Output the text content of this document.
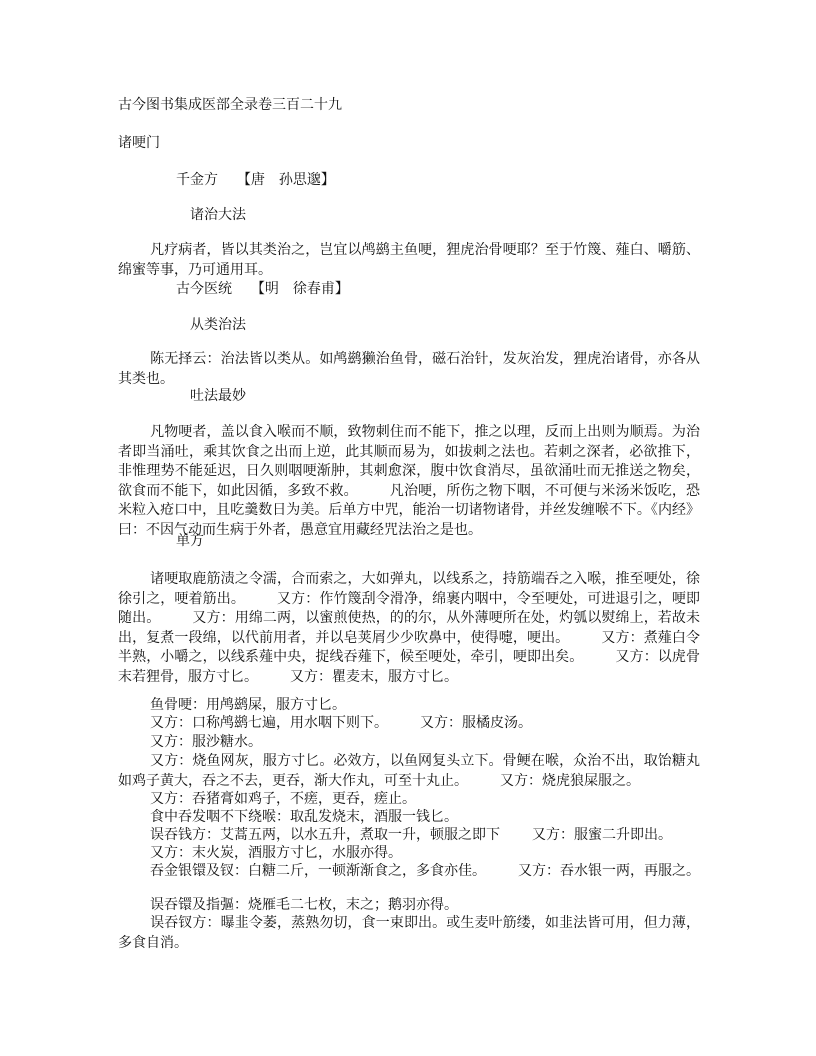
古今图书集成医部全录卷三百二十九
诸哽门
千金方 【唐　孙思邈】
诸治大法
凡疗病者，皆以其类治之，岂宜以鸬鹚主鱼哽，狸虎治骨哽耶？至于竹篾、薤白、嚼筋、绵蜜等事，乃可通用耳。
古今医统 【明　徐春甫】
从类治法
陈无择云：治法皆以类从。如鸬鹚獭治鱼骨，磁石治针，发灰治发，狸虎治诸骨，亦各从其类也。
吐法最妙
凡物哽者，盖以食入喉而不顺，致物刺住而不能下，推之以理，反而上出则为顺焉。为治者即当涌吐，乘其饮食之出而上逆，此其顺而易为，如拔刺之法也。若刺之深者，必欲推下，非惟理势不能延迟，日久则咽哽渐肿，其刺愈深，腹中饮食消尽，虽欲涌吐而无推送之物矣，欲食而不能下，如此因循，多致不救。 凡治哽，所伤之物下咽，不可便与米汤米饭吃，恐米粒入疮口中，且吃羹数日为美。后单方中咒，能治一切诸物诸骨，并丝发缠喉不下。《内经》曰：不因气动而生病于外者，愚意宜用藏经咒法治之是也。
单方
诸哽取鹿筋渍之令濡，合而索之，大如弹丸，以线系之，持筋端吞之入喉，推至哽处，徐徐引之，哽着筋出。 又方：作竹篾刮令滑净，绵裹内咽中，令至哽处，可进退引之，哽即随出。 又方：用绵二两，以蜜煎使热，的的尔，从外薄哽所在处，灼瓠以熨绵上，若故未出，复煮一段绵，以代前用者，并以皂荚屑少少吹鼻中，使得嚏，哽出。 又方：煮薤白令半熟，小嚼之，以线系薤中央，捉线吞薤下，候至哽处，牵引，哽即出矣。 又方：以虎骨末若狸骨，服方寸匕。 又方：瞿麦末，服方寸匕。
鱼骨哽：用鸬鹚屎，服方寸匕。
又方：口称鸬鹚七遍，用水咽下则下。 又方：服橘皮汤。
又方：服沙糖水。
又方：烧鱼网灰，服方寸匕。必效方，以鱼网复头立下。骨鲠在喉，众治不出，取饴糖丸如鸡子黄大，吞之不去，更吞，渐大作丸，可至十丸止。 又方：烧虎狼屎服之。
又方：吞猪膏如鸡子，不瘥，更吞，瘥止。
食中吞发咽不下绕喉：取乱发烧末，酒服一钱匕。
误吞钱方：艾蒿五两，以水五升，煮取一升，顿服之即下 又方：服蜜二升即出。
又方：末火炭，酒服方寸匕，水服亦得。
吞金银镮及钗：白糖二斤，一顿渐渐食之，多食亦佳。 又方：吞水银一两，再服之。
误吞镮及指彄：烧雁毛二七枚，末之；鹅羽亦得。
误吞钗方：曝韭令萎，蒸熟勿切，食一束即出。或生麦叶筋缕，如韭法皆可用，但力薄，多食自消。
